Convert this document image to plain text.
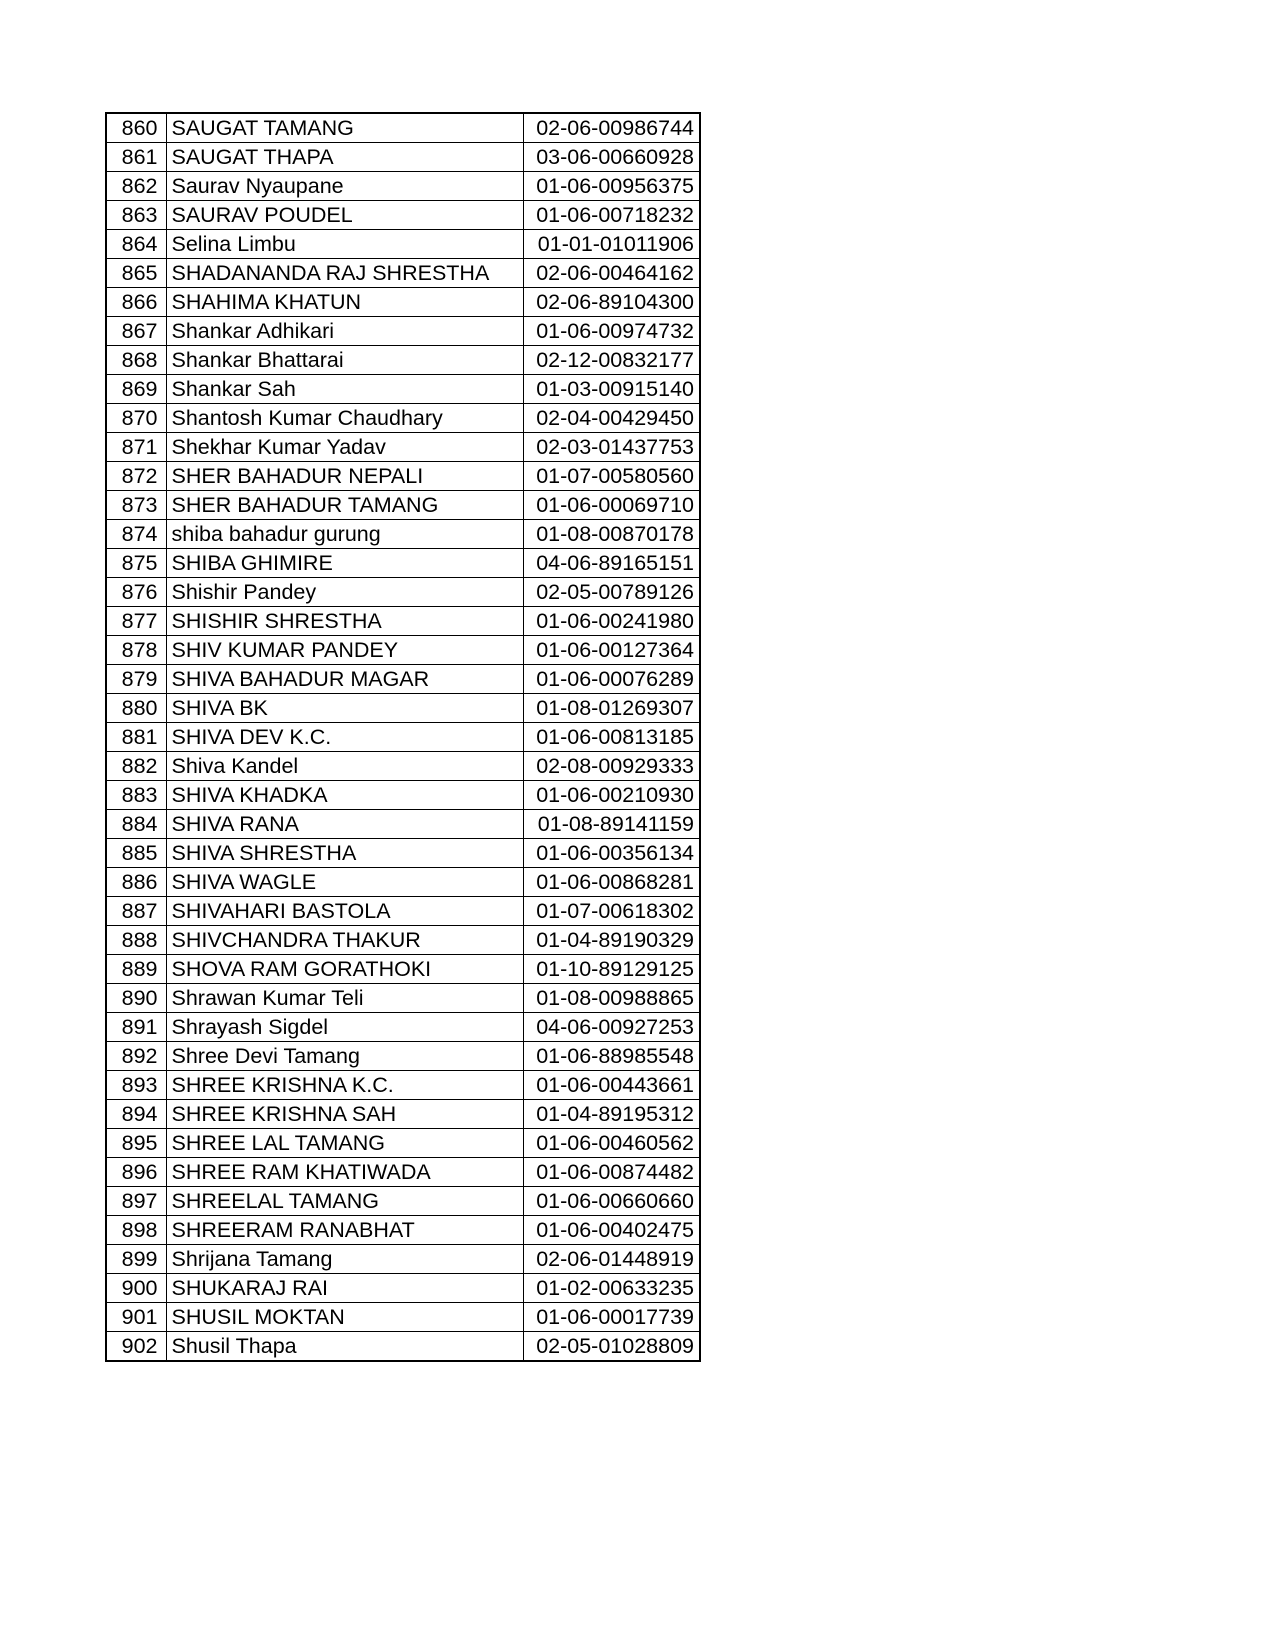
860	SAUGAT TAMANG	02-06-00986744
861	SAUGAT THAPA	03-06-00660928
862	Saurav Nyaupane	01-06-00956375
863	SAURAV POUDEL	01-06-00718232
864	Selina Limbu	01-01-01011906
865	SHADANANDA RAJ SHRESTHA	02-06-00464162
866	SHAHIMA KHATUN	02-06-89104300
867	Shankar Adhikari	01-06-00974732
868	Shankar Bhattarai	02-12-00832177
869	Shankar Sah	01-03-00915140
870	Shantosh Kumar Chaudhary	02-04-00429450
871	Shekhar Kumar Yadav	02-03-01437753
872	SHER BAHADUR NEPALI	01-07-00580560
873	SHER BAHADUR TAMANG	01-06-00069710
874	shiba bahadur gurung	01-08-00870178
875	SHIBA GHIMIRE	04-06-89165151
876	Shishir Pandey	02-05-00789126
877	SHISHIR SHRESTHA	01-06-00241980
878	SHIV KUMAR PANDEY	01-06-00127364
879	SHIVA BAHADUR MAGAR	01-06-00076289
880	SHIVA BK	01-08-01269307
881	SHIVA DEV K.C.	01-06-00813185
882	Shiva Kandel	02-08-00929333
883	SHIVA KHADKA	01-06-00210930
884	SHIVA RANA	01-08-89141159
885	SHIVA SHRESTHA	01-06-00356134
886	SHIVA WAGLE	01-06-00868281
887	SHIVAHARI BASTOLA	01-07-00618302
888	SHIVCHANDRA THAKUR	01-04-89190329
889	SHOVA RAM GORATHOKI	01-10-89129125
890	Shrawan Kumar Teli	01-08-00988865
891	Shrayash Sigdel	04-06-00927253
892	Shree Devi Tamang	01-06-88985548
893	SHREE KRISHNA K.C.	01-06-00443661
894	SHREE KRISHNA SAH	01-04-89195312
895	SHREE LAL TAMANG	01-06-00460562
896	SHREE RAM KHATIWADA	01-06-00874482
897	SHREELAL TAMANG	01-06-00660660
898	SHREERAM RANABHAT	01-06-00402475
899	Shrijana Tamang	02-06-01448919
900	SHUKARAJ RAI	01-02-00633235
901	SHUSIL MOKTAN	01-06-00017739
902	Shusil Thapa	02-05-01028809
